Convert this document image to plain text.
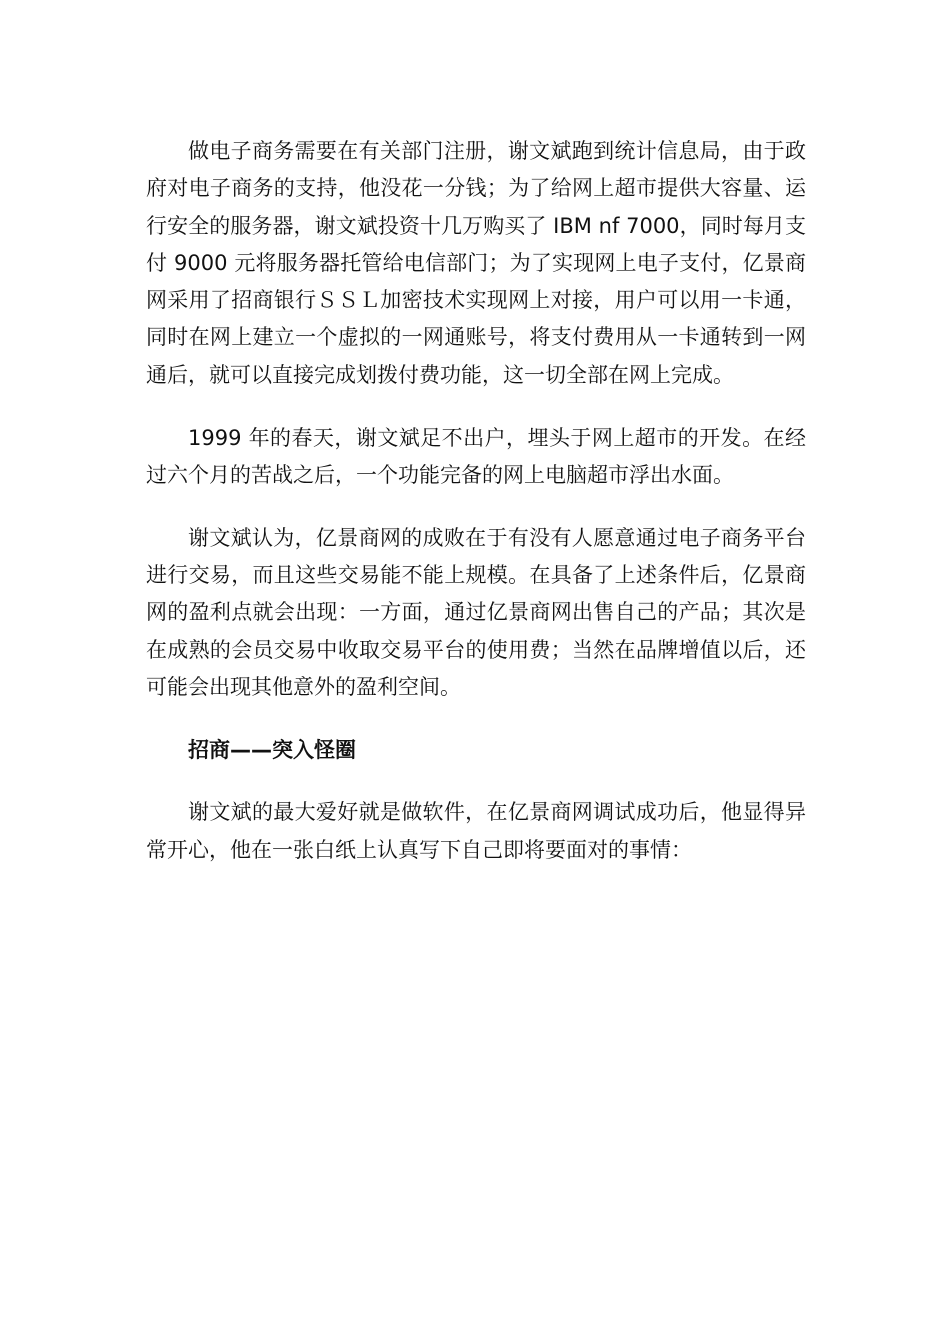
做电子商务需要在有关部门注册，谢文斌跑到统计信息局，由于政府对电子商务的支持，他没花一分钱；为了给网上超市提供大容量、运行安全的服务器，谢文斌投资十几万购买了 IBM nf 7000，同时每月支付 9000 元将服务器托管给电信部门；为了实现网上电子支付，亿景商网采用了招商银行ＳＳＬ加密技术实现网上对接，用户可以用一卡通，同时在网上建立一个虚拟的一网通账号，将支付费用从一卡通转到一网通后，就可以直接完成划拨付费功能，这一切全部在网上完成。

1999 年的春天，谢文斌足不出户，埋头于网上超市的开发。在经过六个月的苦战之后，一个功能完备的网上电脑超市浮出水面。

谢文斌认为，亿景商网的成败在于有没有人愿意通过电子商务平台进行交易，而且这些交易能不能上规模。在具备了上述条件后，亿景商网的盈利点就会出现：一方面，通过亿景商网出售自己的产品；其次是在成熟的会员交易中收取交易平台的使用费；当然在品牌增值以后，还可能会出现其他意外的盈利空间。

招商——突入怪圈

谢文斌的最大爱好就是做软件，在亿景商网调试成功后，他显得异常开心，他在一张白纸上认真写下自己即将要面对的事情：
